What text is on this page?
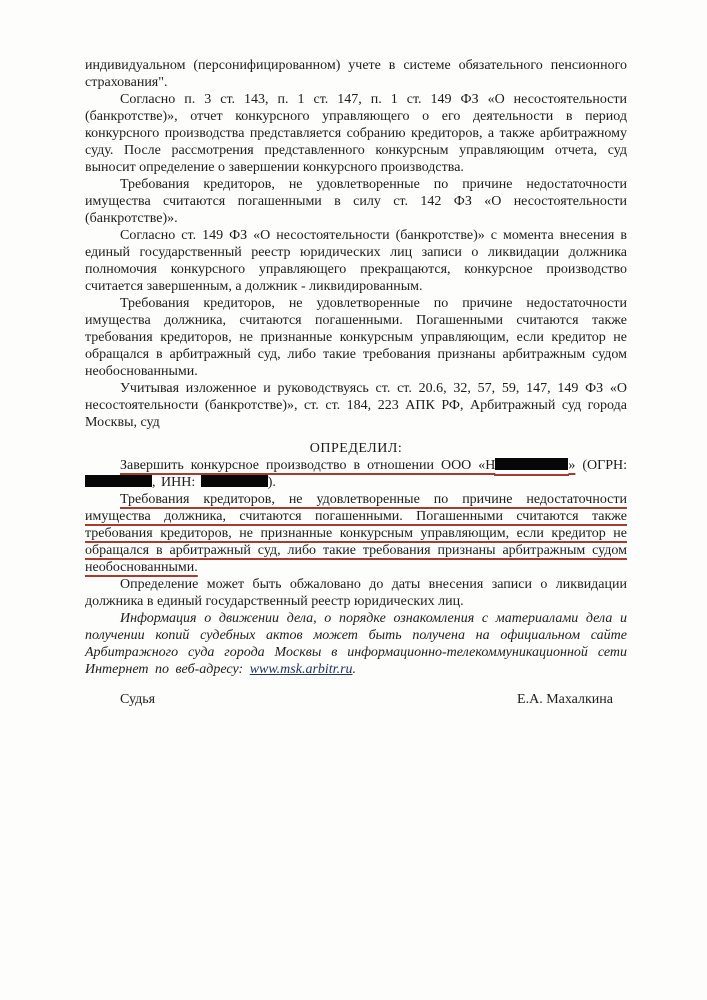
индивидуальном (персонифицированном) учете в системе обязательного пенсионного страхования".

Согласно п. 3 ст. 143, п. 1 ст. 147, п. 1 ст. 149 ФЗ «О несостоятельности (банкротстве)», отчет конкурсного управляющего о его деятельности в период конкурсного производства представляется собранию кредиторов, а также арбитражному суду. После рассмотрения представленного конкурсным управляющим отчета, суд выносит определение о завершении конкурсного производства.

Требования кредиторов, не удовлетворенные по причине недостаточности имущества считаются погашенными в силу ст. 142 ФЗ «О несостоятельности (банкротстве)».

Согласно ст. 149 ФЗ «О несостоятельности (банкротстве)» с момента внесения в единый государственный реестр юридических лиц записи о ликвидации должника полномочия конкурсного управляющего прекращаются, конкурсное производство считается завершенным, а должник - ликвидированным.

Требования кредиторов, не удовлетворенные по причине недостаточности имущества должника, считаются погашенными. Погашенными считаются также требования кредиторов, не признанные конкурсным управляющим, если кредитор не обращался в арбитражный суд, либо такие требования признаны арбитражным судом необоснованными.

Учитывая изложенное и руководствуясь ст. ст. 20.6, 32, 57, 59, 147, 149 ФЗ «О несостоятельности (банкротстве)», ст. ст. 184, 223 АПК РФ, Арбитражный суд города Москвы, суд

ОПРЕДЕЛИЛ:
Завершить конкурсное производство в отношении ООО «Н	» (ОГРН:
, ИНН:	).

Требования кредиторов, не удовлетворенные по причине недостаточности имущества должника, считаются погашенными. Погашенными считаются также требования кредиторов, не признанные конкурсным управляющим, если кредитор не обращался в арбитражный суд, либо такие требования признаны арбитражным судом необоснованными.

Определение может быть обжаловано до даты внесения записи о ликвидации должника в единый государственный реестр юридических лиц.

Информация о движении дела, о порядке ознакомления с материалами дела и получении копий судебных актов может быть получена на официальном сайте Арбитражного суда города Москвы в информационно-телекоммуникационной сети Интернет по веб-адресу: www.msk.arbitr.ru.

Судья	Е.А. Махалкина
